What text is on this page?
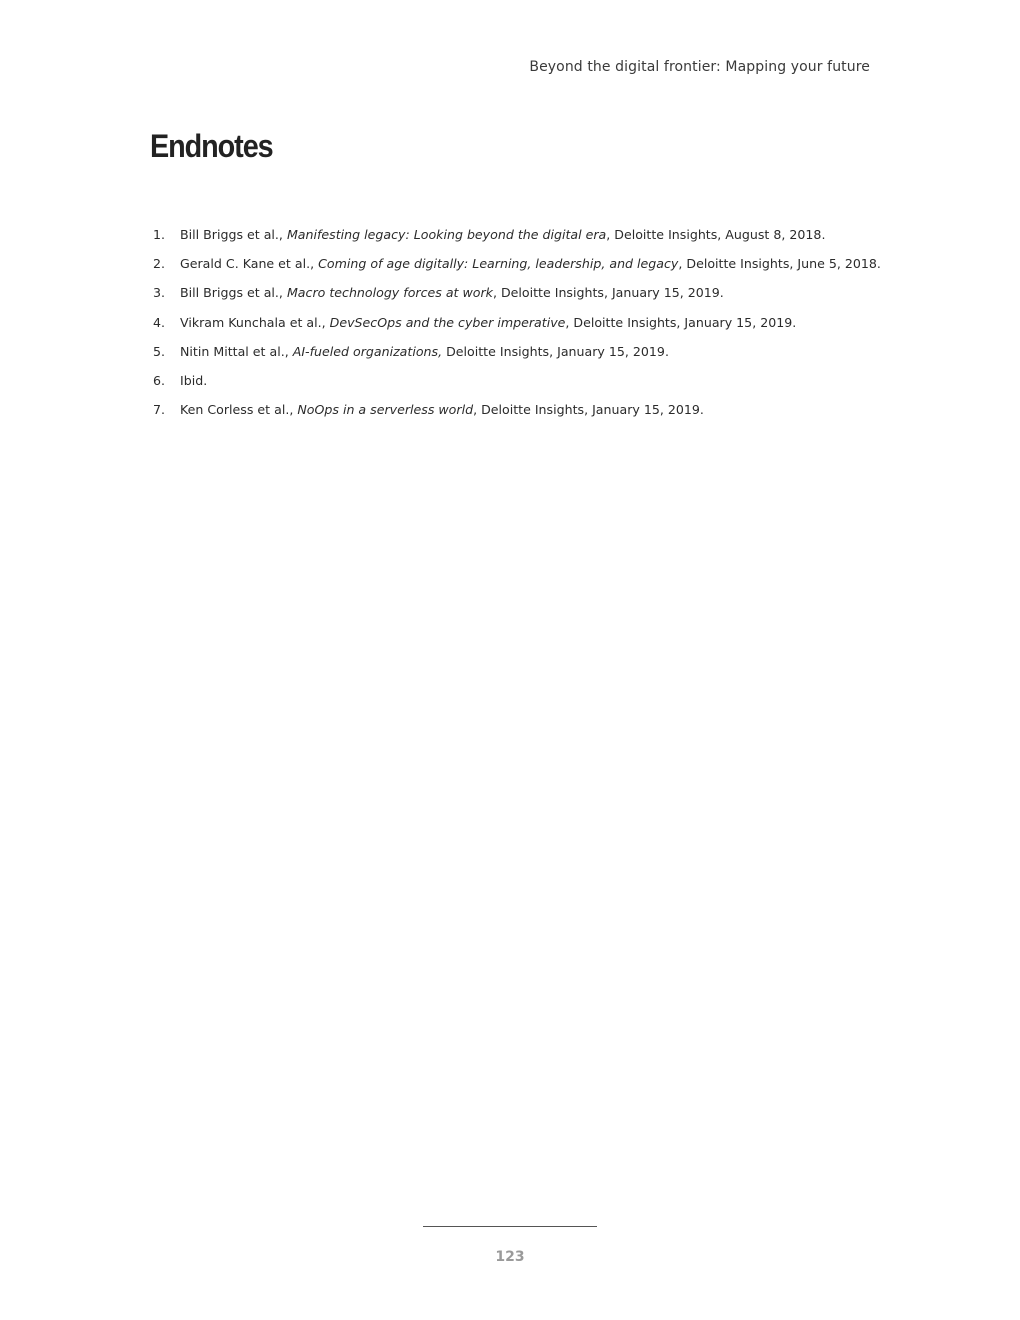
Beyond the digital frontier: Mapping your future
Endnotes
1. Bill Briggs et al., Manifesting legacy: Looking beyond the digital era, Deloitte Insights, August 8, 2018.
2. Gerald C. Kane et al., Coming of age digitally: Learning, leadership, and legacy, Deloitte Insights, June 5, 2018.
3. Bill Briggs et al., Macro technology forces at work, Deloitte Insights, January 15, 2019.
4. Vikram Kunchala et al., DevSecOps and the cyber imperative, Deloitte Insights, January 15, 2019.
5. Nitin Mittal et al., AI-fueled organizations, Deloitte Insights, January 15, 2019.
6. Ibid.
7. Ken Corless et al., NoOps in a serverless world, Deloitte Insights, January 15, 2019.
123
